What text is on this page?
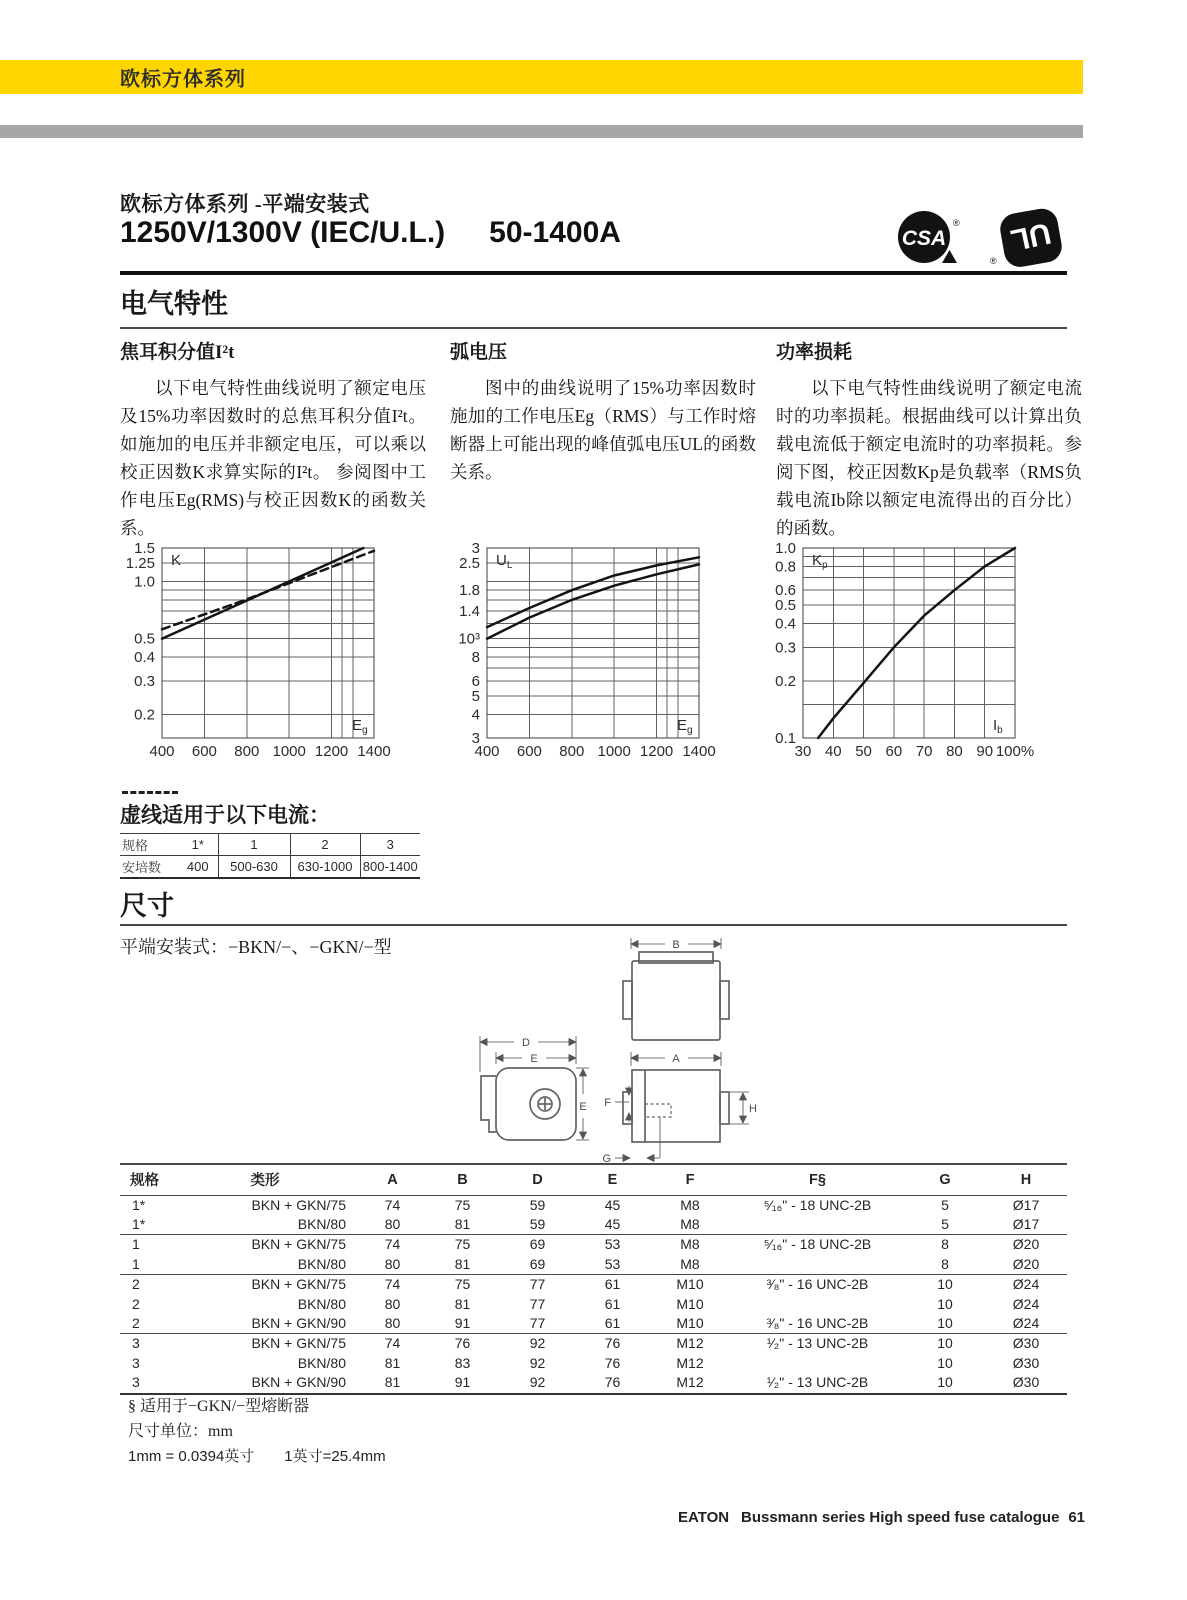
欧标方体系列
欧标方体系列 -平端安装式
1250V/1300V (IEC/U.L.) 50-1400A	CSA
®
®
UL
电气特性
焦耳积分值I²t

以下电气特性曲线说明了额定电压及15%功率因数时的总焦耳积分值I²t。如施加的电压并非额定电压，可以乘以校正因数K求算实际的I²t。 参阅图中工作电压Eg(RMS)与校正因数K的函数关系。

弧电压

图中的曲线说明了15%功率因数时施加的工作电压Eg（RMS）与工作时熔断器上可能出现的峰值弧电压UL的函数关系。

功率损耗

以下电气特性曲线说明了额定电流时的功率损耗。根据曲线可以计算出负载电流低于额定电流时的功率损耗。参阅下图，校正因数Kp是负载率（RMS负载电流Ib除以额定电流得出的百分比）的函数。

1.5
1.25
1.0
0.5
0.4
0.3
0.2
400 600 800 1000 1200 1400
K
$E_g$
3
2.5
1.8
1.4
10³
8
6
5
4
3
400 600 800 1000 1200 1400
$U_L$
$E_g$
1.0
0.8
0.6
0.5
0.4
0.3
0.2
0.1
30 40 50 60 70 80 90 100%
$K_p$
$I_b$
虚线适用于以下电流：
规格	1*	1	2	3
安培数	400	500-630	630-1000	800-1400
尺寸
平端安装式：−BKN/−、−GKN/−型	B
D
E
E
A
F	H
G
规格	类形	A	B	D	E	F	F§	G	H
1*	BKN + GKN/75	74	75	59	45	M8	⁵⁄₁₆" - 18 UNC-2B	5	Ø17
1*	BKN/80	80	81	59	45	M8		5	Ø17
1	BKN + GKN/75	74	75	69	53	M8	⁵⁄₁₆" - 18 UNC-2B	8	Ø20
1	BKN/80	80	81	69	53	M8		8	Ø20
2	BKN + GKN/75	74	75	77	61	M10	³⁄₈" - 16 UNC-2B	10	Ø24
2	BKN/80	80	81	77	61	M10		10	Ø24
2	BKN + GKN/90	80	91	77	61	M10	³⁄₈" - 16 UNC-2B	10	Ø24
3	BKN + GKN/75	74	76	92	76	M12	¹⁄₂" - 13 UNC-2B	10	Ø30
3	BKN/80	81	83	92	76	M12		10	Ø30
3	BKN + GKN/90	81	91	92	76	M12	¹⁄₂" - 13 UNC-2B	10	Ø30
§ 适用于−GKN/−型熔断器
尺寸单位：mm
1mm = 0.0394英寸　　1英寸=25.4mm
EATON Bussmann series High speed fuse catalogue 61
